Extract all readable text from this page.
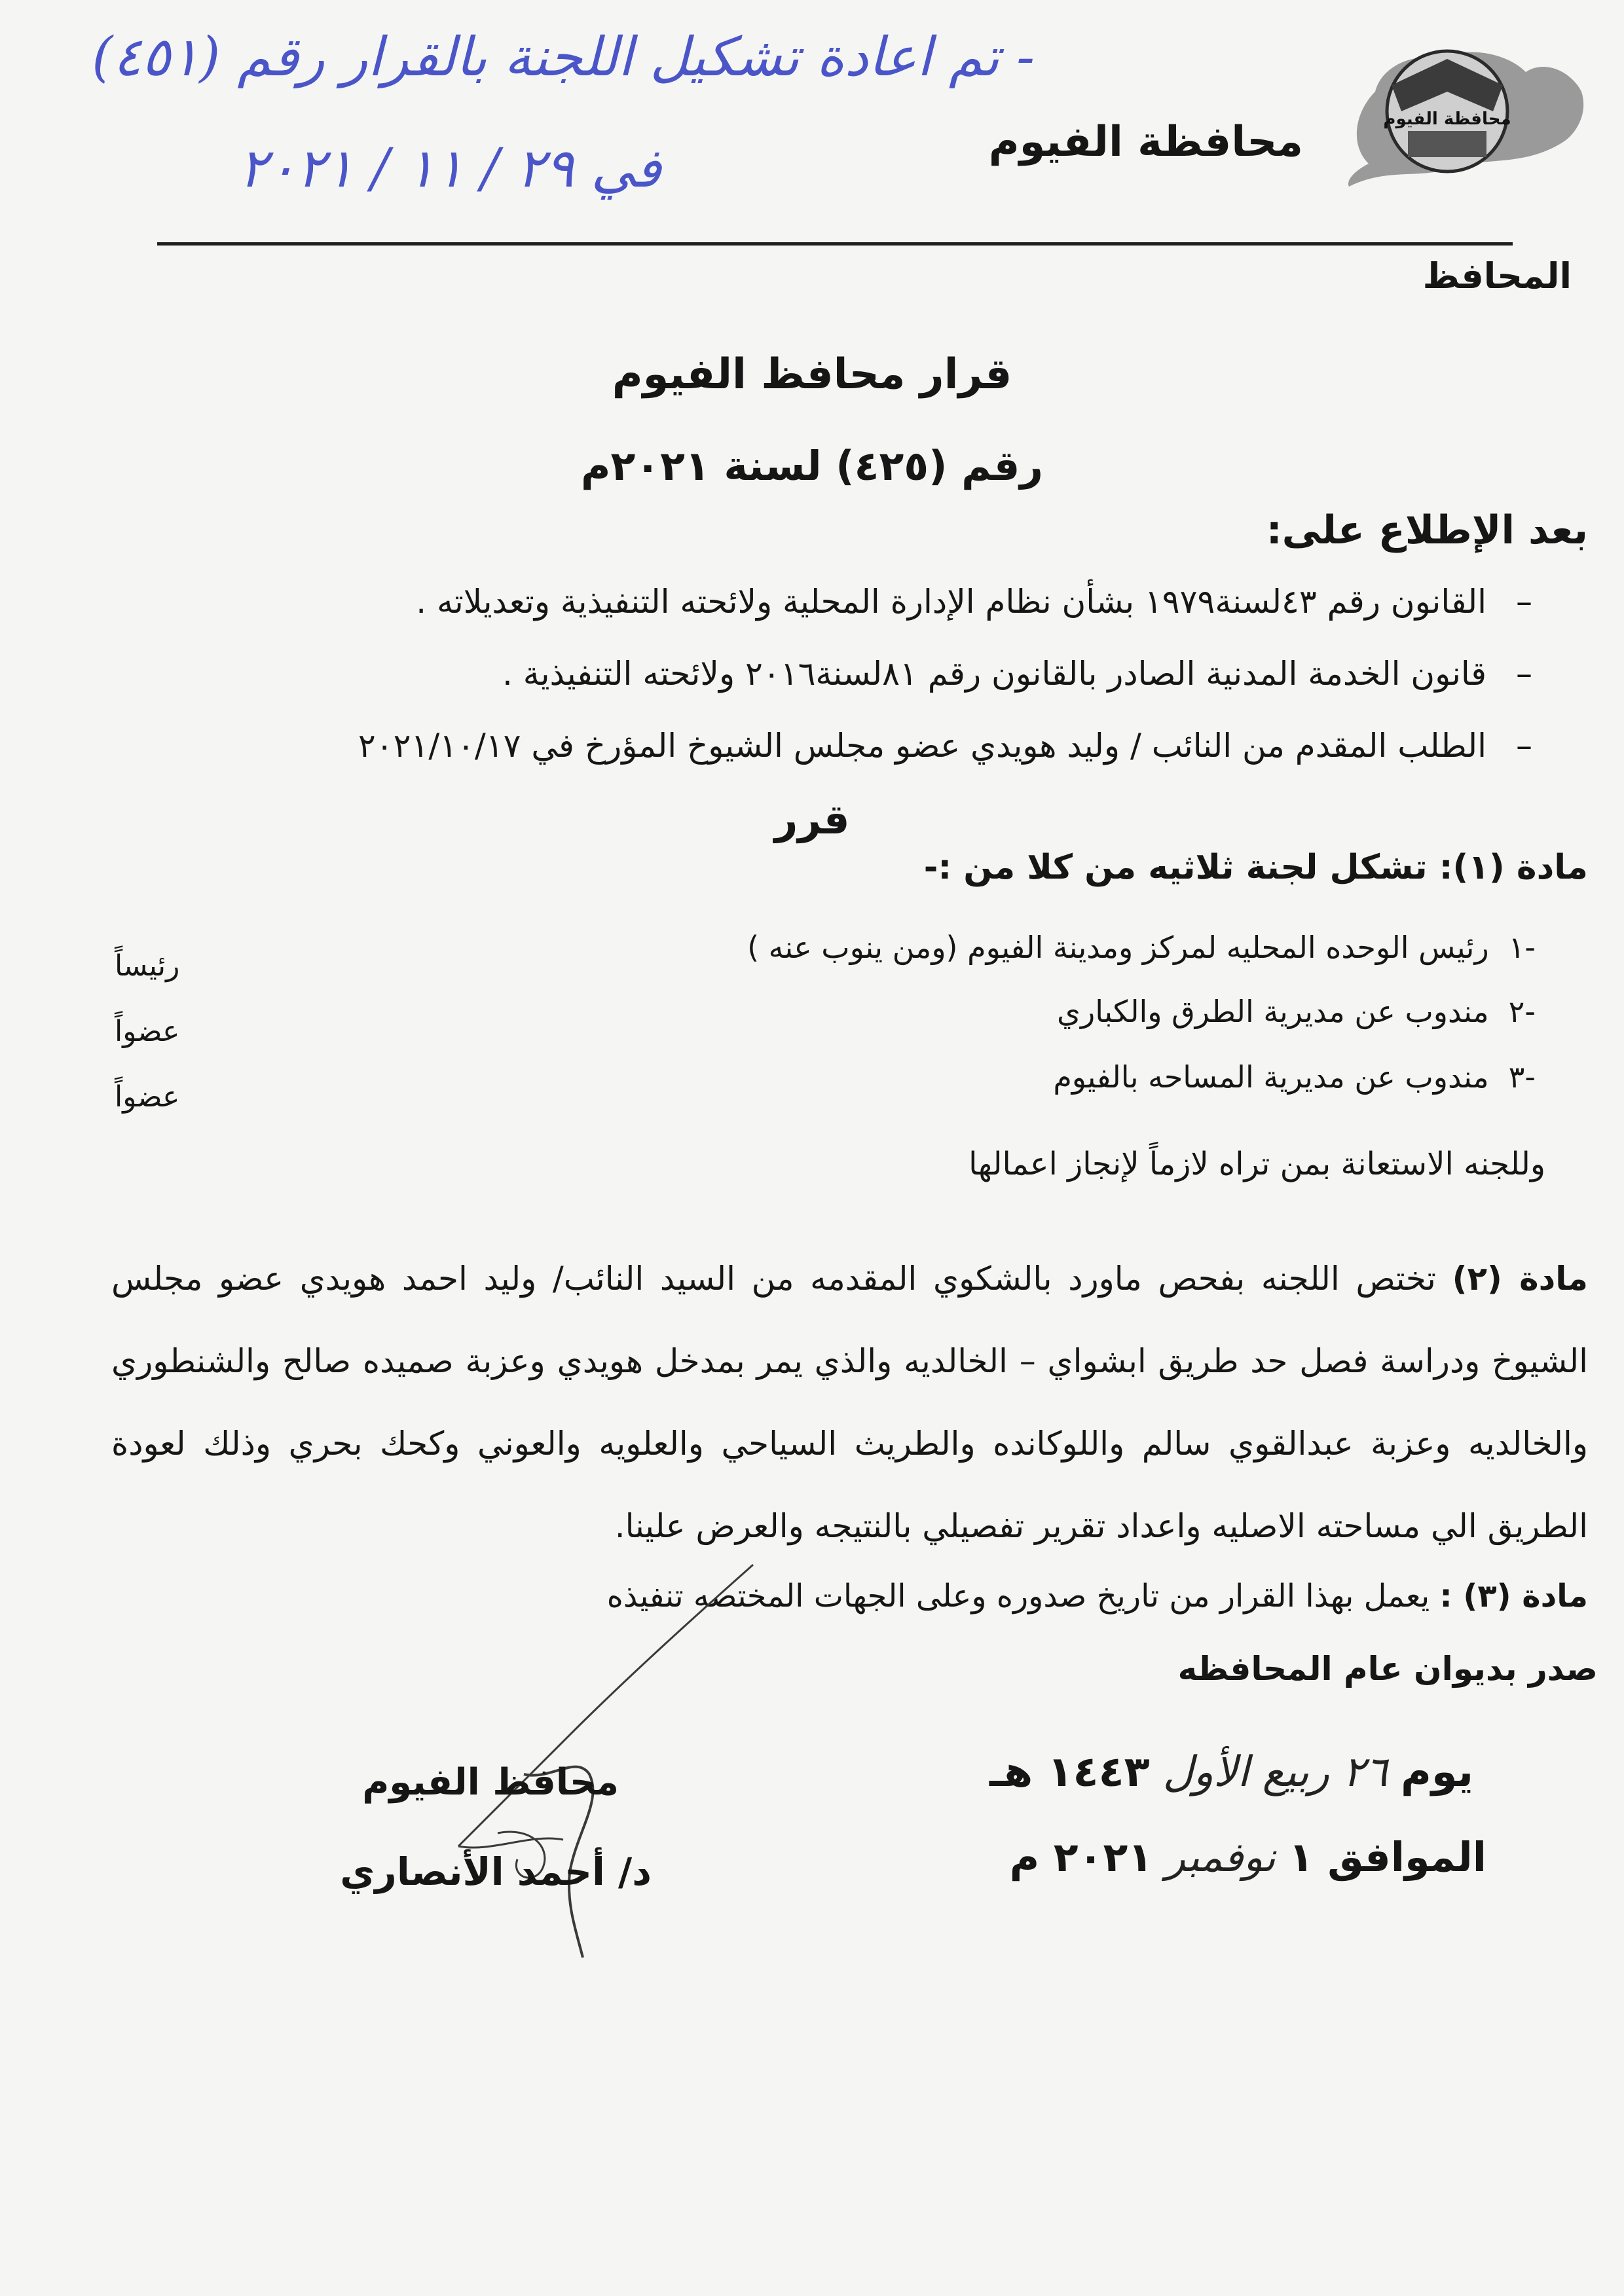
محافظة الفيوم
محافظة الفيوم
- تم اعادة تشكيل اللجنة بالقرار رقم (٤٥١)
في ٢٩ / ١١ / ٢٠٢١
المحافظ
قرار محافظ الفيوم
رقم (٤٢٥) لسنة ٢٠٢١م
بعد الإطلاع على:
–القانون رقم ٤٣لسنة١٩٧٩ بشأن نظام الإدارة المحلية ولائحته التنفيذية وتعديلاته .
–قانون الخدمة المدنية الصادر بالقانون رقم ٨١لسنة٢٠١٦ ولائحته التنفيذية .
–الطلب المقدم من النائب / وليد هويدي عضو مجلس الشيوخ المؤرخ في ٢٠٢١/١٠/١٧
قرر
مادة (١): تشكل لجنة ثلاثيه من كلا من :-
-١رئيس الوحده المحليه لمركز ومدينة الفيوم (ومن ينوب عنه )
-٢مندوب عن مديرية الطرق والكباري
-٣مندوب عن مديرية المساحه بالفيوم
رئيساً
عضواً
عضواً
وللجنه الاستعانة بمن تراه لازماً لإنجاز اعمالها
مادة (٢) تختص اللجنه بفحص ماورد بالشكوي المقدمه من السيد النائب/ وليد احمد هويدي عضو مجلس الشيوخ ودراسة فصل حد طريق ابشواي – الخالديه والذي يمر بمدخل هويدي وعزبة صميده صالح والشنطوري والخالديه وعزبة عبدالقوي سالم واللوكانده والطريث السياحي والعلويه والعوني وكحك بحري وذلك لعودة الطريق الي مساحته الاصليه واعداد تقرير تفصيلي بالنتيجه والعرض علينا.
مادة (٣) : يعمل بهذا القرار من تاريخ صدوره وعلى الجهات المختصه تنفيذه
صدر بديوان عام المحافظه
محافظ الفيوم
د/ أحمد الأنصاري
يوم٢٦ ربيع الأول١٤٤٣ هـ
الموافق ١نوفمبر٢٠٢١ م
